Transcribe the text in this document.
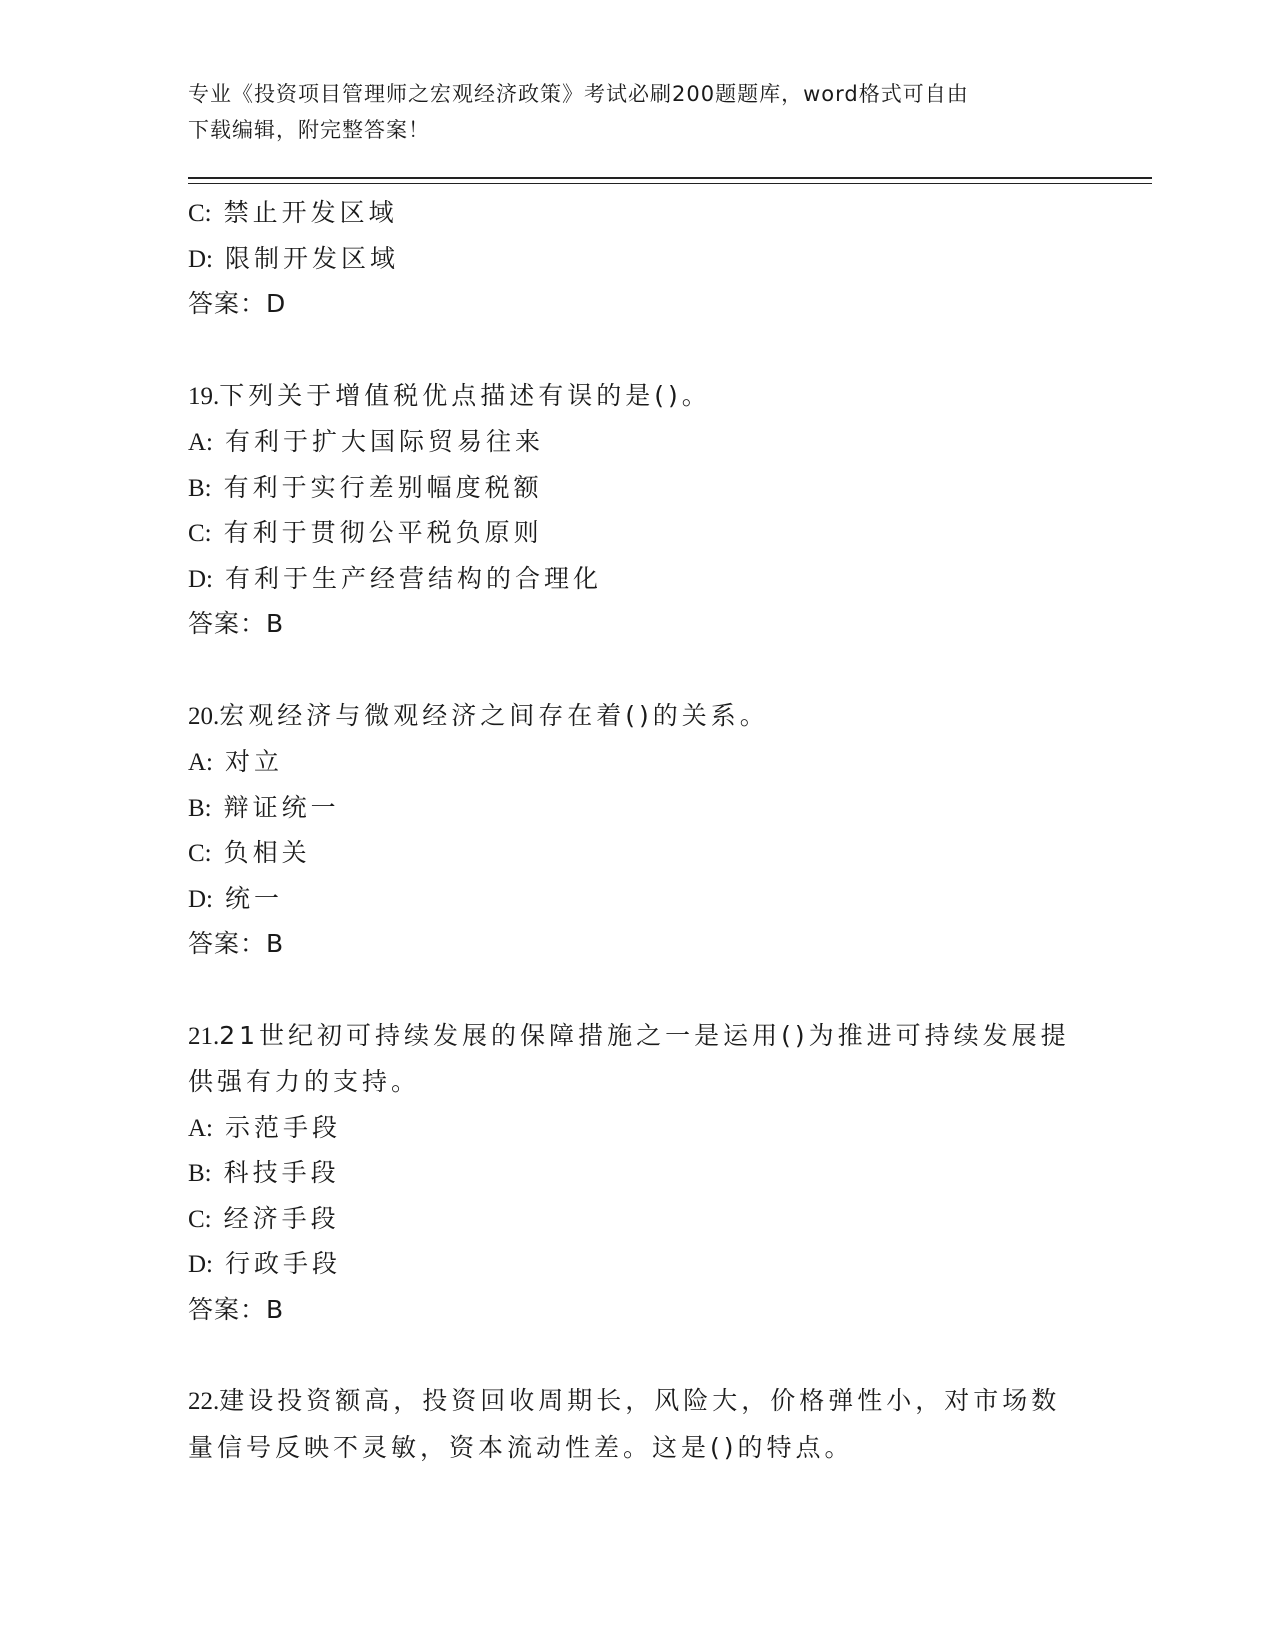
专业《投资项目管理师之宏观经济政策》考试必刷200题题库，word格式可自由
下载编辑，附完整答案！
C: 禁止开发区域
D: 限制开发区域
答案：D
19.下列关于增值税优点描述有误的是()。
A: 有利于扩大国际贸易往来
B: 有利于实行差别幅度税额
C: 有利于贯彻公平税负原则
D: 有利于生产经营结构的合理化
答案：B
20.宏观经济与微观经济之间存在着()的关系。
A: 对立
B: 辩证统一
C: 负相关
D: 统一
答案：B
21.21世纪初可持续发展的保障措施之一是运用()为推进可持续发展提
供强有力的支持。
A: 示范手段
B: 科技手段
C: 经济手段
D: 行政手段
答案：B
22.建设投资额高，投资回收周期长，风险大，价格弹性小，对市场数
量信号反映不灵敏，资本流动性差。这是()的特点。
